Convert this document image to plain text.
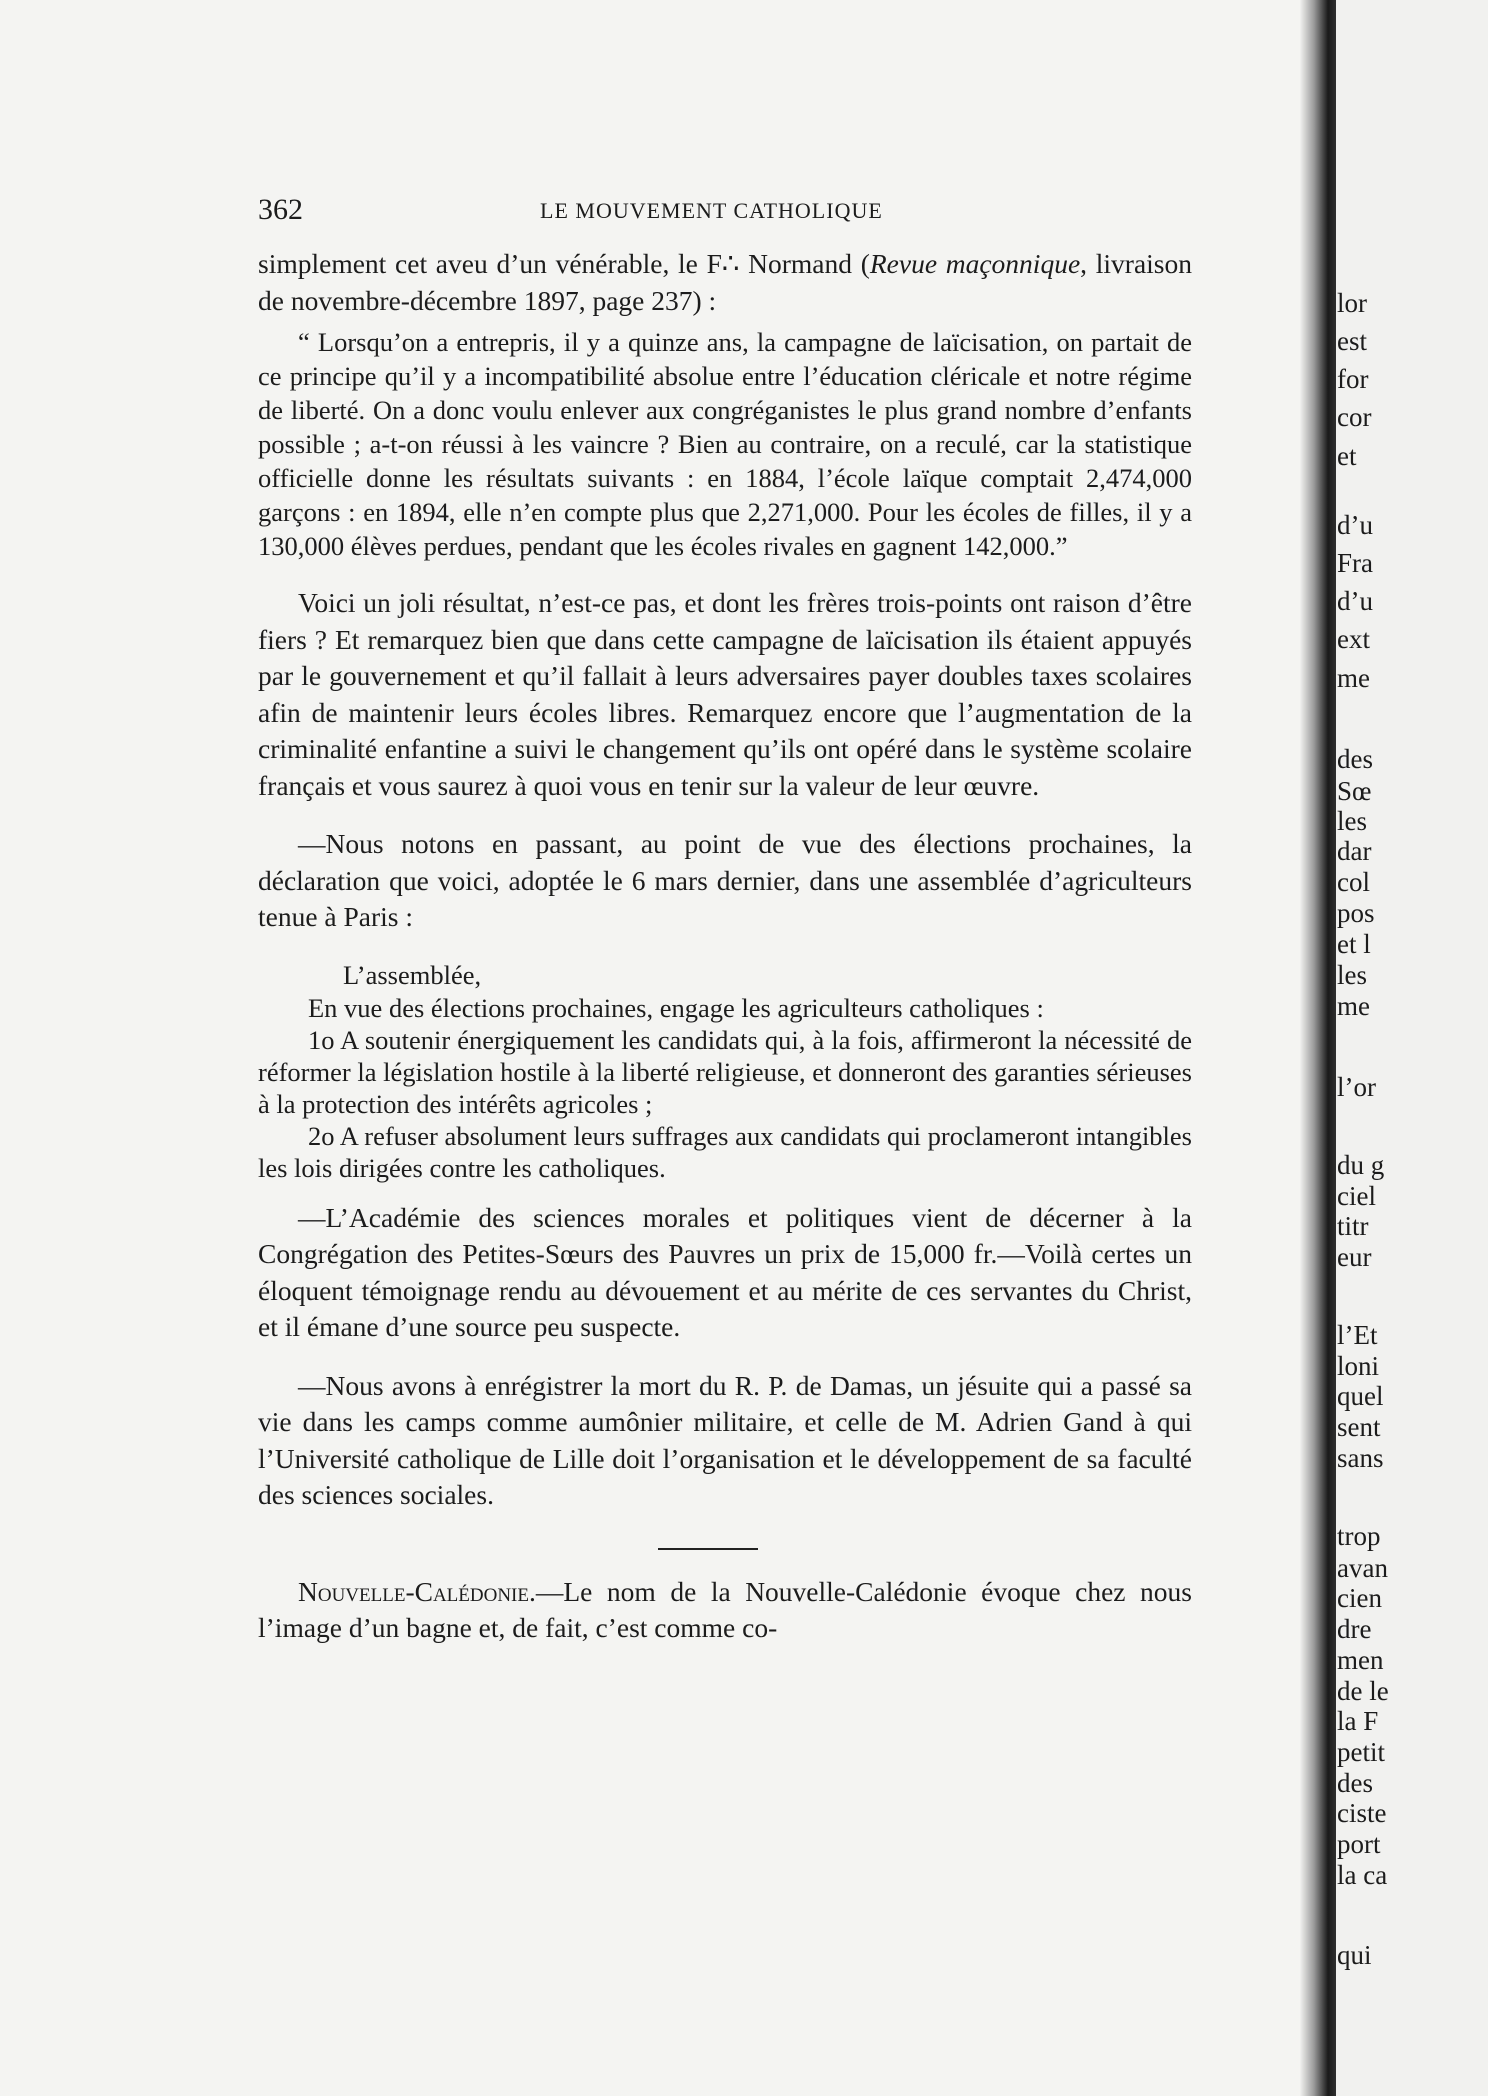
362	LE MOUVEMENT CATHOLIQUE

simplement cet aveu d’un vénérable, le F∴ Normand (Revue maçonnique, livraison de novembre-décembre 1897, page 237) :

“ Lorsqu’on a entrepris, il y a quinze ans, la campagne de laïcisation, on partait de ce principe qu’il y a incompatibilité absolue entre l’éducation cléricale et notre régime de liberté. On a donc voulu enlever aux congréganistes le plus grand nombre d’enfants possible ; a-t-on réussi à les vaincre ? Bien au contraire, on a reculé, car la statistique officielle donne les résultats suivants : en 1884, l’école laïque comptait 2,474,000 garçons : en 1894, elle n’en compte plus que 2,271,000. Pour les écoles de filles, il y a 130,000 élèves perdues, pendant que les écoles rivales en gagnent 142,000.”

Voici un joli résultat, n’est-ce pas, et dont les frères trois-points ont raison d’être fiers ? Et remarquez bien que dans cette campagne de laïcisation ils étaient appuyés par le gouvernement et qu’il fallait à leurs adversaires payer doubles taxes scolaires afin de maintenir leurs écoles libres. Remarquez encore que l’augmentation de la criminalité enfantine a suivi le changement qu’ils ont opéré dans le système scolaire français et vous saurez à quoi vous en tenir sur la valeur de leur œuvre.

—Nous notons en passant, au point de vue des élections prochaines, la déclaration que voici, adoptée le 6 mars dernier, dans une assemblée d’agriculteurs tenue à Paris :

L’assemblée,

En vue des élections prochaines, engage les agriculteurs catholiques :

1o A soutenir énergiquement les candidats qui, à la fois, affirmeront la nécessité de réformer la législation hostile à la liberté religieuse, et donneront des garanties sérieuses à la protection des intérêts agricoles ;

2o A refuser absolument leurs suffrages aux candidats qui proclameront intangibles les lois dirigées contre les catholiques.

—L’Académie des sciences morales et politiques vient de décerner à la Congrégation des Petites-Sœurs des Pauvres un prix de 15,000 fr.—Voilà certes un éloquent témoignage rendu au dévouement et au mérite de ces servantes du Christ, et il émane d’une source peu suspecte.

—Nous avons à enrégistrer la mort du R. P. de Damas, un jésuite qui a passé sa vie dans les camps comme aumônier militaire, et celle de M. Adrien Gand à qui l’Université catholique de Lille doit l’organisation et le développement de sa faculté des sciences sociales.

Nouvelle-Calédonie.—Le nom de la Nouvelle-Calédonie évoque chez nous l’image d’un bagne et, de fait, c’est comme co-

lor
est
for
cor
et
d’u
Fra
d’u
ext
me
des
Sœ
les
dar
col
pos
et l
les
me
l’or
du g
ciel
titr
eur
l’Et
loni
quel
sent
sans
trop
avan
cien
dre
men
de le
la F
petit
des
ciste
port
la ca
qui
